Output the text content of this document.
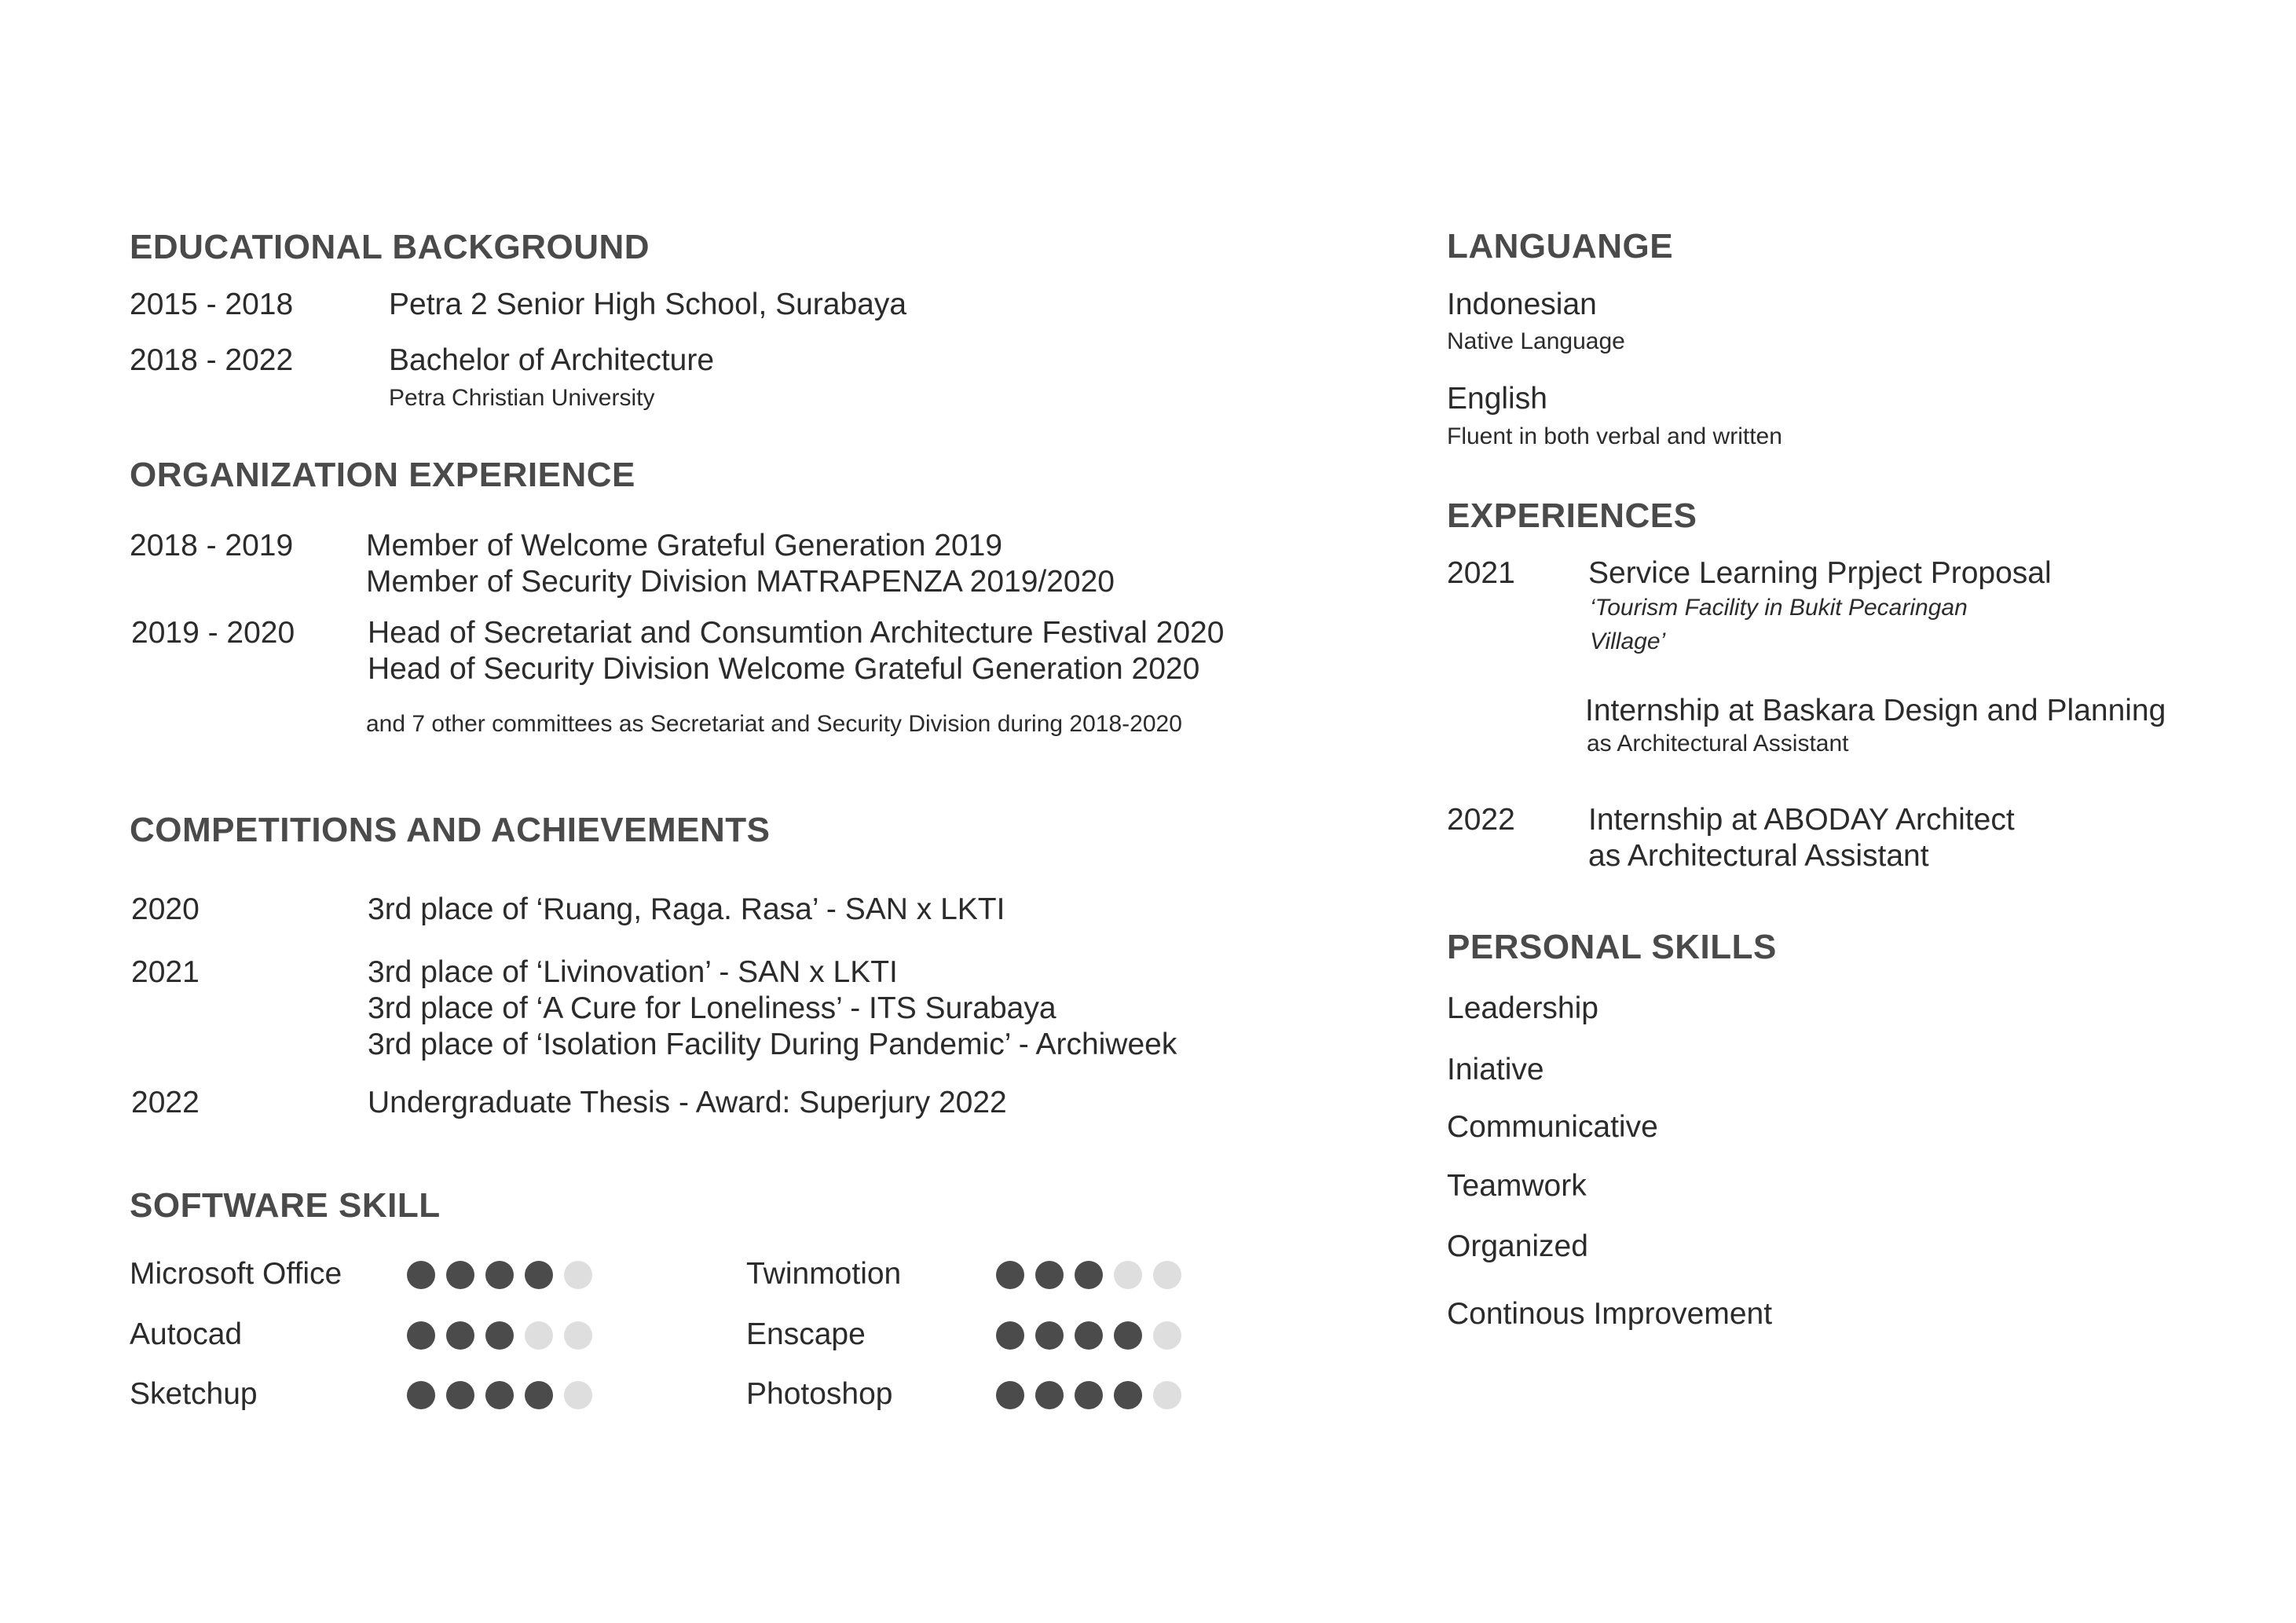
EDUCATIONAL BACKGROUND
2015 - 2018	Petra 2 Senior High School, Surabaya
2018 - 2022	Bachelor of Architecture
Petra Christian University
ORGANIZATION EXPERIENCE
2018 - 2019 Member of Welcome Grateful Generation 2019
Member of Security Division MATRAPENZA 2019/2020
2019 - 2020 Head of Secretariat and Consumtion Architecture Festival 2020
Head of Security Division Welcome Grateful Generation 2020
and 7 other committees as Secretariat and Security Division during 2018-2020
COMPETITIONS AND ACHIEVEMENTS
2020	3rd place of ‘Ruang, Raga. Rasa’ - SAN x LKTI
2021	3rd place of ‘Livinovation’ - SAN x LKTI
3rd place of ‘A Cure for Loneliness’ - ITS Surabaya
3rd place of ‘Isolation Facility During Pandemic’ - Archiweek
2022	Undergraduate Thesis - Award: Superjury 2022
SOFTWARE SKILL
Microsoft Office
Autocad
Sketchup
Twinmotion
Enscape
Photoshop
LANGUANGE
Indonesian
Native Language
English
Fluent in both verbal and written
EXPERIENCES
2021 Service Learning Prpject Proposal
‘Tourism Facility in Bukit Pecaringan
Village’
Internship at Baskara Design and Planning
as Architectural Assistant
2022 Internship at ABODAY Architect
as Architectural Assistant
PERSONAL SKILLS
Leadership
Iniative
Communicative
Teamwork
Organized
Continous Improvement
